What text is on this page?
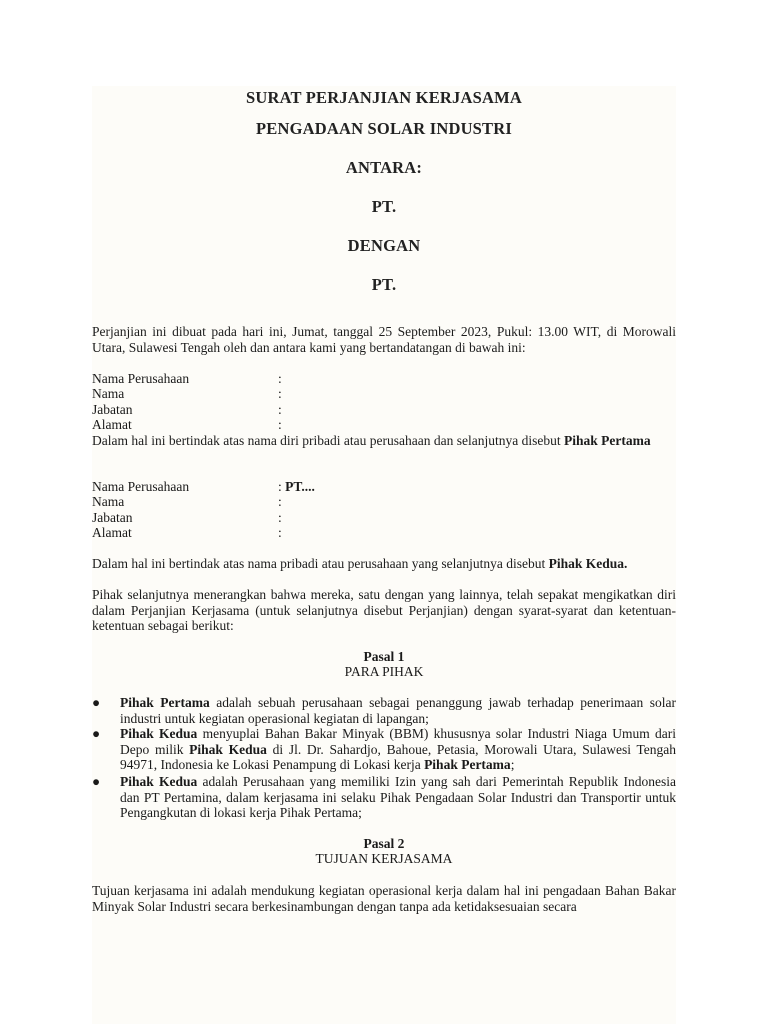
SURAT PERJANJIAN KERJASAMA
PENGADAAN SOLAR INDUSTRI
ANTARA:
PT.
DENGAN
PT.
Perjanjian ini dibuat pada hari ini, Jumat, tanggal 25 September 2023, Pukul: 13.00 WIT, di Morowali Utara, Sulawesi Tengah oleh dan antara kami yang bertandatangan di bawah ini:
Nama Perusahaan	:
Nama	:
Jabatan	:
Alamat	:
Dalam hal ini bertindak atas nama diri pribadi atau perusahaan dan selanjutnya disebut Pihak Pertama
Nama Perusahaan	: PT....
Nama	:
Jabatan	:
Alamat	:
Dalam hal ini bertindak atas nama pribadi atau perusahaan yang selanjutnya disebut Pihak Kedua.
Pihak selanjutnya menerangkan bahwa mereka, satu dengan yang lainnya, telah sepakat mengikatkan diri dalam Perjanjian Kerjasama (untuk selanjutnya disebut Perjanjian) dengan syarat-syarat dan ketentuan-ketentuan sebagai berikut:
Pasal 1
PARA PIHAK
● Pihak Pertama adalah sebuah perusahaan sebagai penanggung jawab terhadap penerimaan solar industri untuk kegiatan operasional kegiatan di lapangan;
● Pihak Kedua menyuplai Bahan Bakar Minyak (BBM) khususnya solar Industri Niaga Umum dari Depo milik Pihak Kedua di Jl. Dr. Sahardjo, Bahoue, Petasia, Morowali Utara, Sulawesi Tengah 94971, Indonesia ke Lokasi Penampung di Lokasi kerja Pihak Pertama;
● Pihak Kedua adalah Perusahaan yang memiliki Izin yang sah dari Pemerintah Republik Indonesia dan PT Pertamina, dalam kerjasama ini selaku Pihak Pengadaan Solar Industri dan Transportir untuk Pengangkutan di lokasi kerja Pihak Pertama;
Pasal 2
TUJUAN KERJASAMA
Tujuan kerjasama ini adalah mendukung kegiatan operasional kerja dalam hal ini pengadaan Bahan Bakar Minyak Solar Industri secara berkesinambungan dengan tanpa ada ketidaksesuaian secara
